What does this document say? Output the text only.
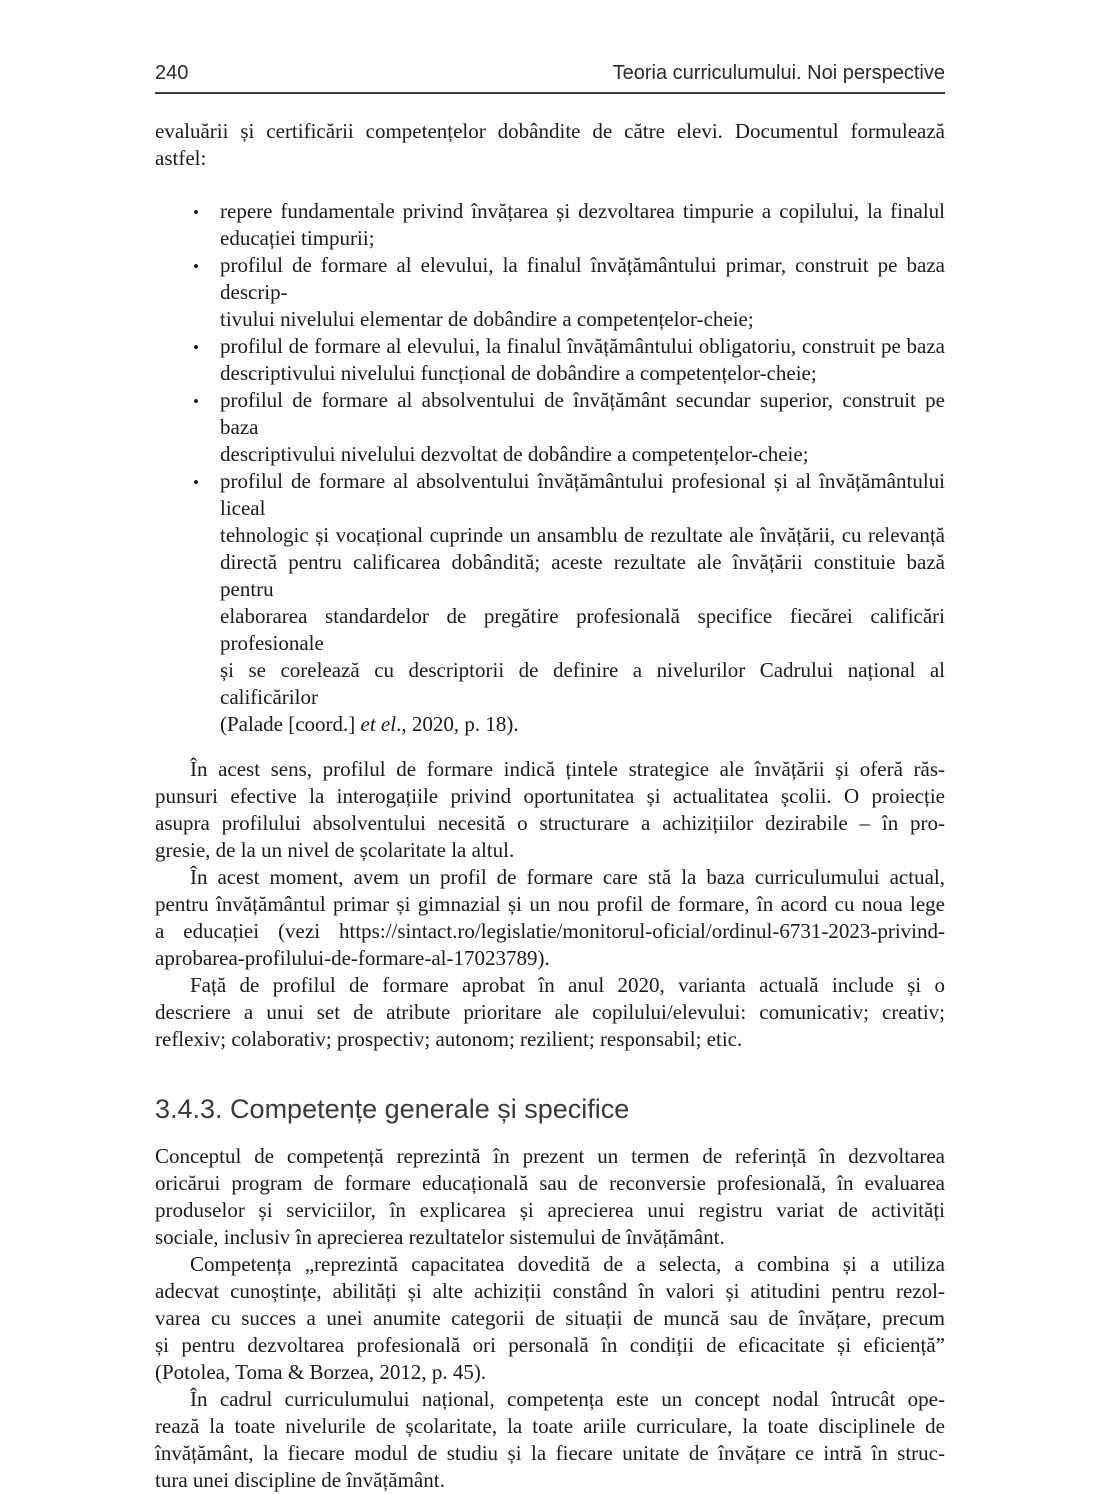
240	Teoria curriculumului. Noi perspective
evaluării și certificării competențelor dobândite de către elevi. Documentul formulează
astfel:
• repere fundamentale privind învățarea și dezvoltarea timpurie a copilului, la finalul
educației timpurii;
• profilul de formare al elevului, la finalul învățământului primar, construit pe baza descrip-
tivului nivelului elementar de dobândire a competențelor-cheie;
• profilul de formare al elevului, la finalul învățământului obligatoriu, construit pe baza
descriptivului nivelului funcțional de dobândire a competențelor-cheie;
• profilul de formare al absolventului de învățământ secundar superior, construit pe baza
descriptivului nivelului dezvoltat de dobândire a competențelor-cheie;
• profilul de formare al absolventului învățământului profesional și al învățământului liceal
tehnologic și vocațional cuprinde un ansamblu de rezultate ale învățării, cu relevanță
directă pentru calificarea dobândită; aceste rezultate ale învățării constituie bază pentru
elaborarea standardelor de pregătire profesională specifice fiecărei calificări profesionale
și se corelează cu descriptorii de definire a nivelurilor Cadrului național al calificărilor
(Palade [coord.] et el., 2020, p. 18).
În acest sens, profilul de formare indică țintele strategice ale învățării și oferă răs-
punsuri efective la interogațiile privind oportunitatea și actualitatea școlii. O proiecție
asupra profilului absolventului necesită o structurare a achizițiilor dezirabile – în pro-
gresie, de la un nivel de școlaritate la altul.
În acest moment, avem un profil de formare care stă la baza curriculumului actual,
pentru învățământul primar și gimnazial și un nou profil de formare, în acord cu noua lege
a educației (vezi https://sintact.ro/legislatie/monitorul-oficial/ordinul-6731-2023-privind-
aprobarea-profilului-de-formare-al-17023789).
Față de profilul de formare aprobat în anul 2020, varianta actuală include și o
descriere a unui set de atribute prioritare ale copilului/elevului: comunicativ; creativ;
reflexiv; colaborativ; prospectiv; autonom; rezilient; responsabil; etic.
3.4.3. Competențe generale și specifice
Conceptul de competență reprezintă în prezent un termen de referință în dezvoltarea
oricărui program de formare educațională sau de reconversie profesională, în evaluarea
produselor și serviciilor, în explicarea și aprecierea unui registru variat de activități
sociale, inclusiv în aprecierea rezultatelor sistemului de învățământ.
Competența „reprezintă capacitatea dovedită de a selecta, a combina și a utiliza
adecvat cunoștințe, abilități și alte achiziții constând în valori și atitudini pentru rezol-
varea cu succes a unei anumite categorii de situații de muncă sau de învățare, precum
și pentru dezvoltarea profesională ori personală în condiții de eficacitate și eficiență”
(Potolea, Toma & Borzea, 2012, p. 45).
În cadrul curriculumului național, competența este un concept nodal întrucât ope-
rează la toate nivelurile de școlaritate, la toate ariile curriculare, la toate disciplinele de
învățământ, la fiecare modul de studiu și la fiecare unitate de învățare ce intră în struc-
tura unei discipline de învățământ.
